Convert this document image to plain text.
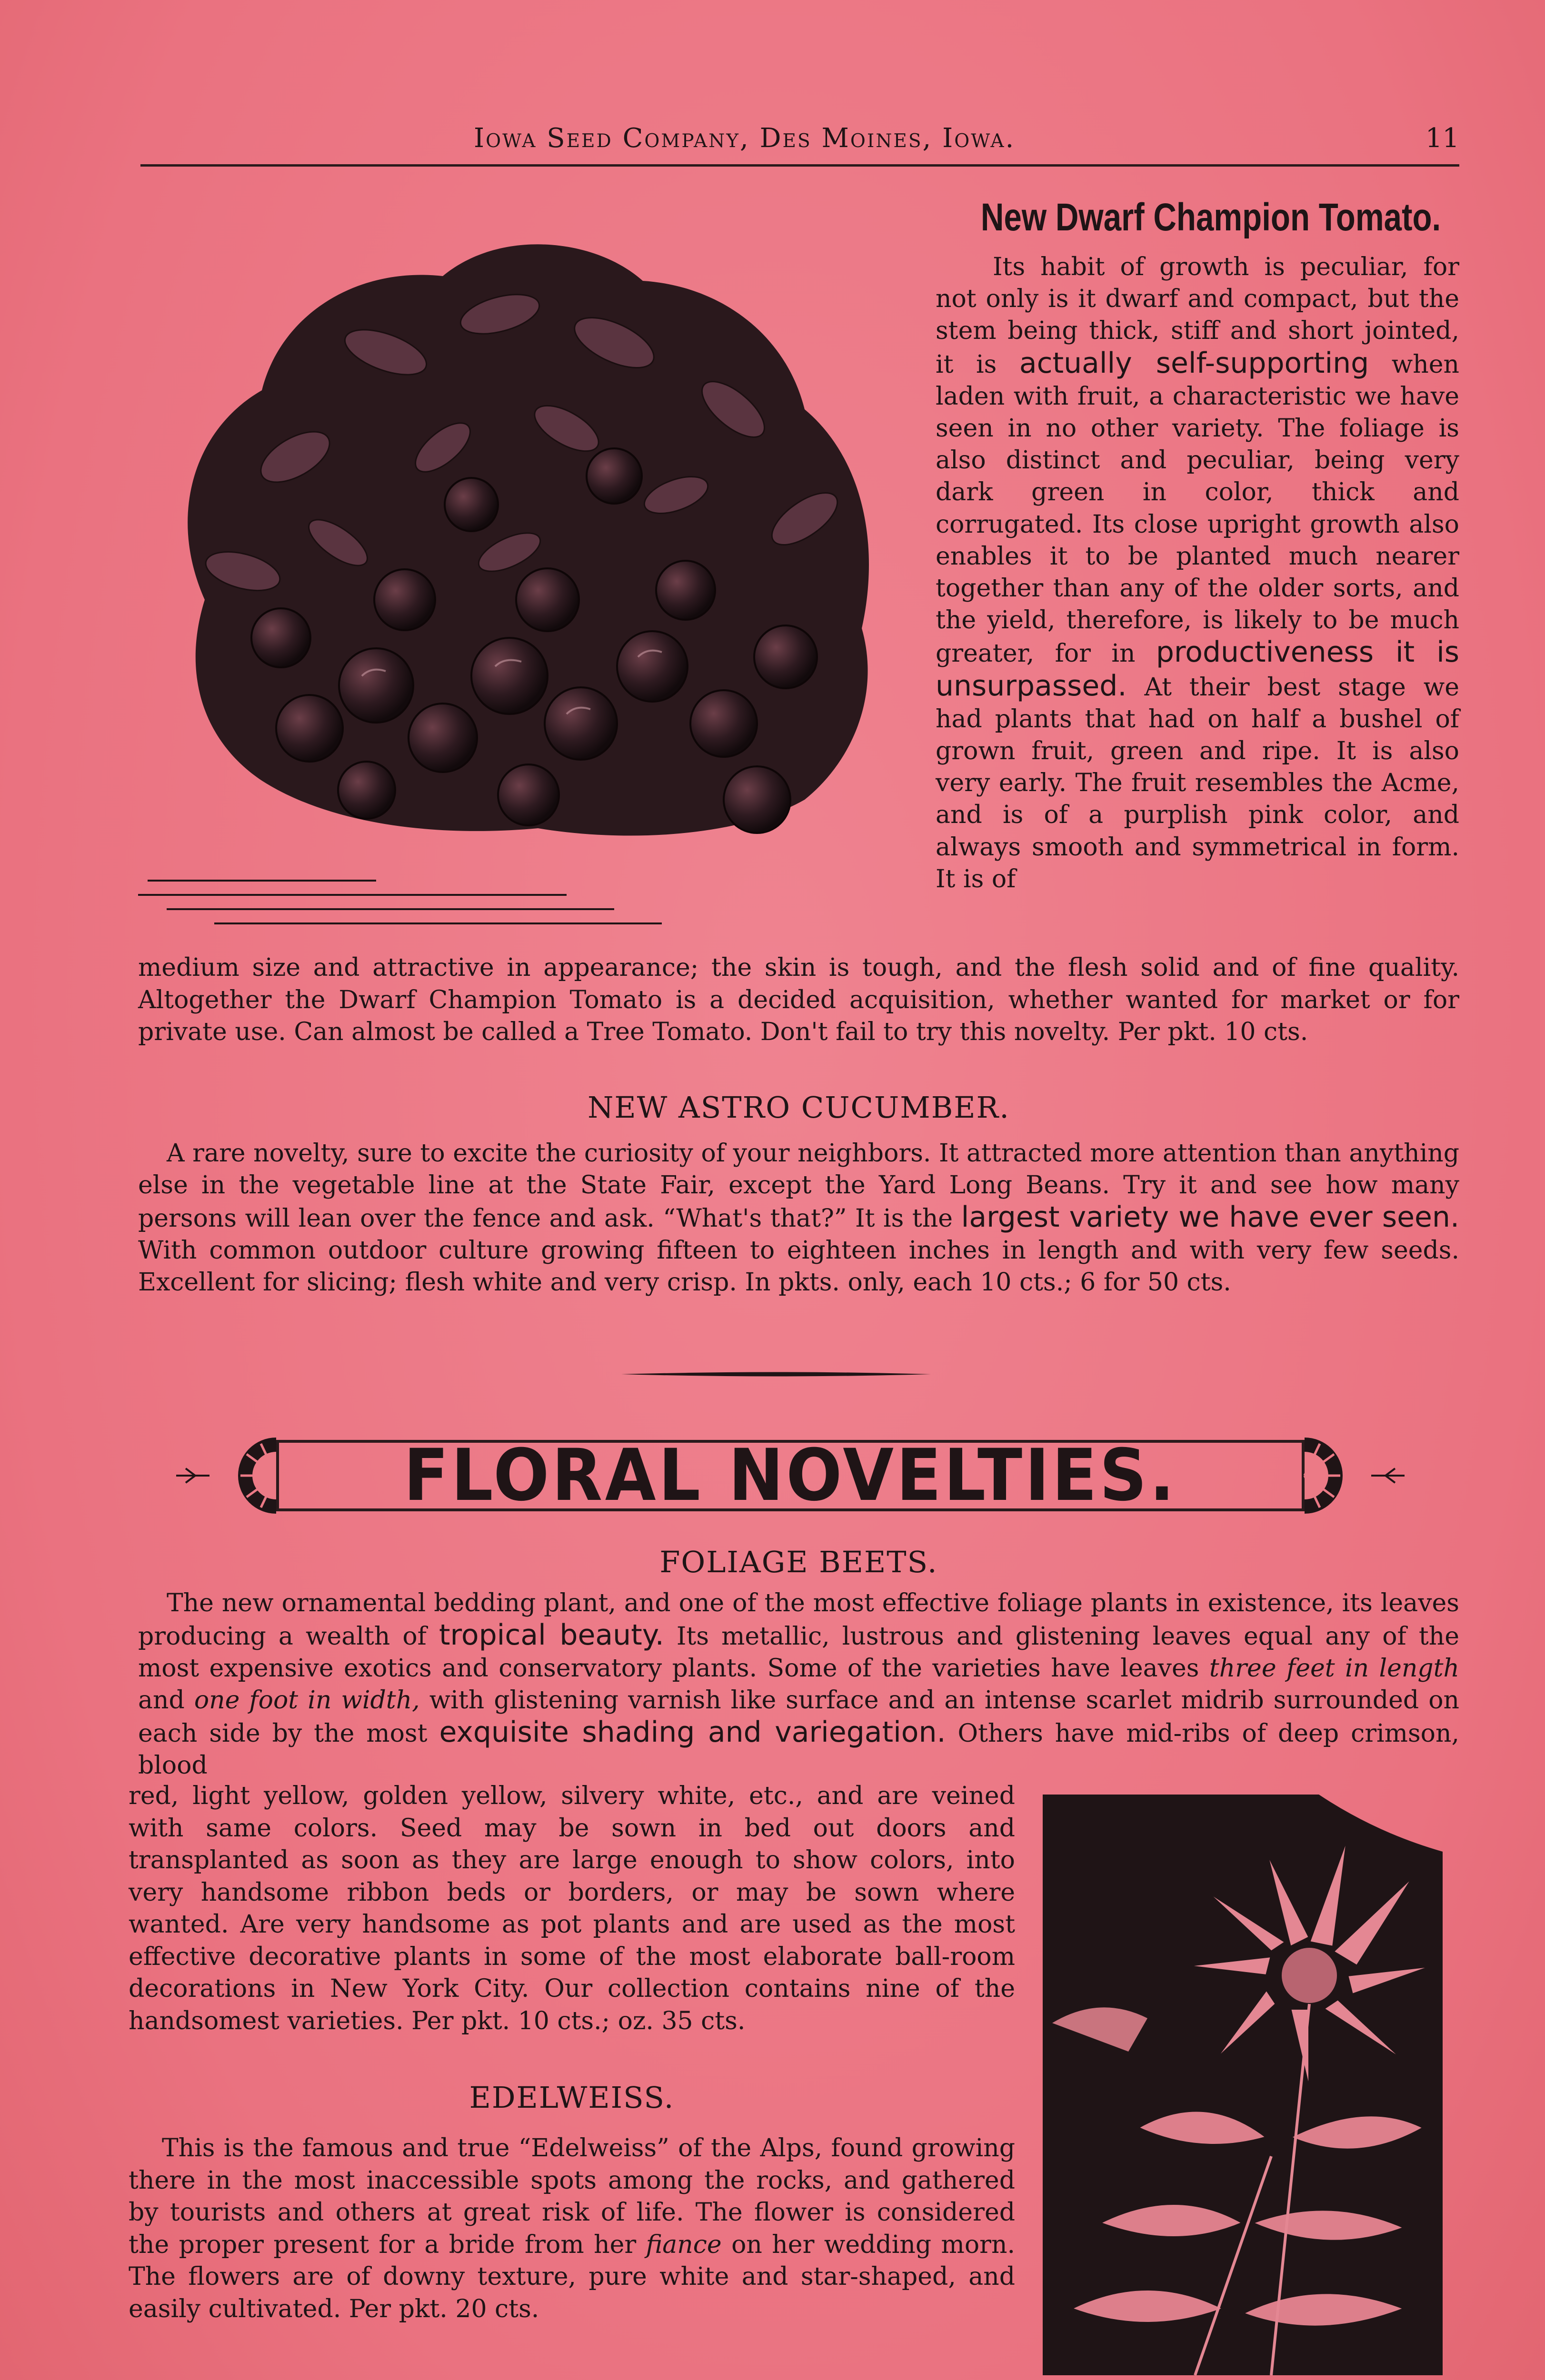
Iowa Seed Company, Des Moines, Iowa.	11
New Dwarf Champion Tomato.
Its habit of growth is peculiar, for not only is it dwarf and compact, but the stem being thick, stiff and short jointed, it is actually self-supporting when laden with fruit, a characteristic we have seen in no other variety. The foliage is also distinct and peculiar, being very dark green in color, thick and corrugated. Its close upright growth also enables it to be planted much nearer together than any of the older sorts, and the yield, therefore, is likely to be much greater, for in productiveness it is unsurpassed. At their best stage we had plants that had on half a bushel of grown fruit, green and ripe. It is also very early. The fruit resembles the Acme, and is of a purplish pink color, and always smooth and symmetrical in form. It is of
medium size and attractive in appearance; the skin is tough, and the flesh solid and of fine quality. Altogether the Dwarf Champion Tomato is a decided acquisition, whether wanted for market or for private use. Can almost be called a Tree Tomato. Don't fail to try this novelty. Per pkt. 10 cts.
NEW ASTRO CUCUMBER.
A rare novelty, sure to excite the curiosity of your neighbors. It attracted more attention than anything else in the vegetable line at the State Fair, except the Yard Long Beans. Try it and see how many persons will lean over the fence and ask. “What's that?” It is the largest variety we have ever seen. With common outdoor culture growing fifteen to eighteen inches in length and with very few seeds. Excellent for slicing; flesh white and very crisp. In pkts. only, each 10 cts.; 6 for 50 cts.
FLORAL NOVELTIES.
FOLIAGE BEETS.
The new ornamental bedding plant, and one of the most effective foliage plants in existence, its leaves producing a wealth of tropical beauty. Its metallic, lustrous and glistening leaves equal any of the most expensive exotics and conservatory plants. Some of the varieties have leaves three feet in length and one foot in width, with glistening varnish like surface and an intense scarlet midrib surrounded on each side by the most exquisite shading and variegation. Others have mid-ribs of deep crimson, blood
red, light yellow, golden yellow, silvery white, etc., and are veined with same colors. Seed may be sown in bed out doors and transplanted as soon as they are large enough to show colors, into very handsome ribbon beds or borders, or may be sown where wanted. Are very handsome as pot plants and are used as the most effective decorative plants in some of the most elaborate ball-room decorations in New York City. Our collection contains nine of the handsomest varieties. Per pkt. 10 cts.; oz. 35 cts.
EDELWEISS.
This is the famous and true “Edelweiss” of the Alps, found growing there in the most inaccessible spots among the rocks, and gathered by tourists and others at great risk of life. The flower is considered the proper present for a bride from her fiance on her wedding morn. The flowers are of downy texture, pure white and star-shaped, and easily cultivated. Per pkt. 20 cts.
